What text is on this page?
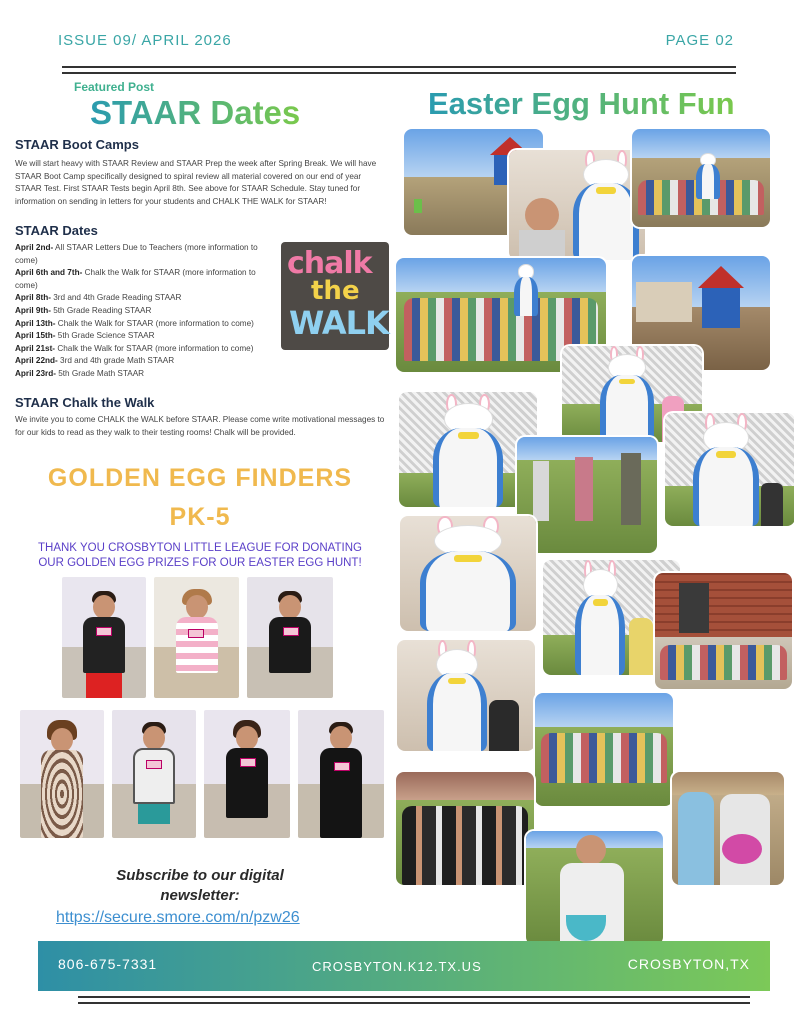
ISSUE 09/ APRIL 2026	PAGE 02
Featured Post
STAAR Dates
STAAR Boot Camps
We will start heavy with STAAR Review and STAAR Prep the week after Spring Break. We will have STAAR Boot Camp specifically designed to spiral review all material covered on our end of year STAAR Test. First STAAR Tests begin April 8th. See above for STAAR Schedule. Stay tuned for information on sending in letters for your students and CHALK THE WALK for STAAR!
STAAR Dates
April 2nd- All STAAR Letters Due to Teachers (more information to come)
April 6th and 7th- Chalk the Walk for STAAR (more information to come)
April 8th- 3rd and 4th Grade Reading STAAR
April 9th- 5th Grade Reading STAAR
April 13th- Chalk the Walk for STAAR (more information to come)
April 15th- 5th Grade Science STAAR
April 21st- Chalk the Walk for STAAR (more information to come)
April 22nd- 3rd and 4th grade Math STAAR
April 23rd- 5th Grade Math STAAR
chalk
the
WALK
STAAR Chalk the Walk
We invite you to come CHALK the WALK before STAAR. Please come write motivational messages to for our kids to read as they walk to their testing rooms! Chalk will be provided.
GOLDEN EGG FINDERS
PK-5
THANK YOU CROSBYTON LITTLE LEAGUE FOR DONATING
OUR GOLDEN EGG PRIZES FOR OUR EASTER EGG HUNT!
Subscribe to our digital
newsletter:
https://secure.smore.com/n/pzw26
Easter Egg Hunt Fun
806-675-7331	CROSBYTON.K12.TX.US	CROSBYTON,TX
